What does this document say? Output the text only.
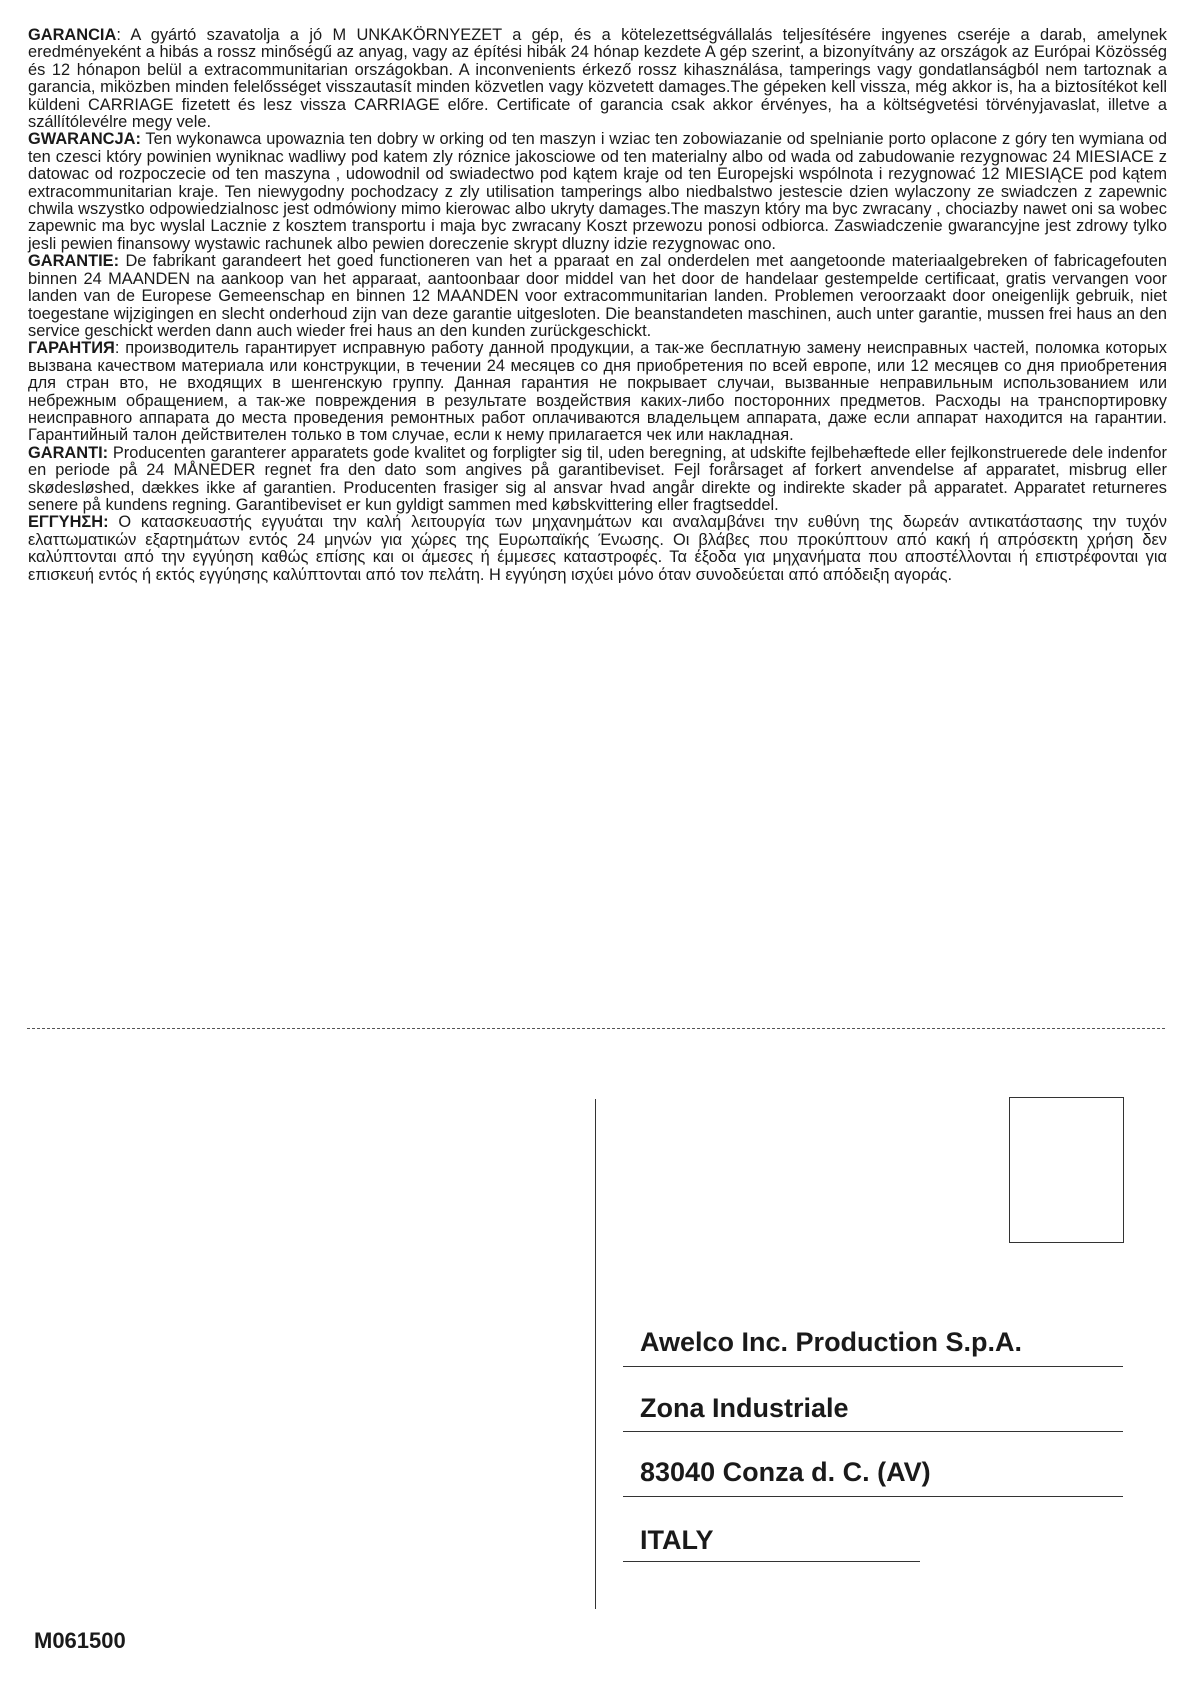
GARANCIA: A gyártó szavatolja a jó M UNKAKÖRNYEZET a gép, és a kötelezettségvállalás teljesítésére ingyenes cseréje a darab, amelynek eredményeként a hibás a rossz minőségű az anyag, vagy az építési hibák 24 hónap kezdete A gép szerint, a bizonyítvány az országok az Európai Közösség és 12 hónapon belül a extracommunitarian országokban. A inconvenients érkező rossz kihasználása, tamperings vagy gondatlanságból nem tartoznak a garancia, miközben minden felelősséget visszautasít minden közvetlen vagy közvetett damages.The gépeken kell vissza, még akkor is, ha a biztosítékot kell küldeni CARRIAGE fizetett és lesz vissza CARRIAGE előre. Certificate of garancia csak akkor érvényes, ha a költségvetési törvényjavaslat, illetve a szállítólevélre megy vele.

GWARANCJA: Ten wykonawca upowaznia ten dobry w orking od ten maszyn i wziac ten zobowiazanie od spelnianie porto oplacone z góry ten wymiana od ten czesci który powinien wyniknac wadliwy pod katem zly róznice jakosciowe od ten materialny albo od wada od zabudowanie rezygnowac 24 MIESIACE z datowac od rozpoczecie od ten maszyna , udowodnil od swiadectwo pod kątem kraje od ten Europejski wspólnota i rezygnować 12 MIESIĄCE pod kątem extracommunitarian kraje. Ten niewygodny pochodzacy z zly utilisation tamperings albo niedbalstwo jestescie dzien wylaczony ze swiadczen z zapewnic chwila wszystko odpowiedzialnosc jest odmówiony mimo kierowac albo ukryty damages.The maszyn który ma byc zwracany , chociazby nawet oni sa wobec zapewnic ma byc wyslal Lacznie z kosztem transportu i maja byc zwracany Koszt przewozu ponosi odbiorca. Zaswiadczenie gwarancyjne jest zdrowy tylko jesli pewien finansowy wystawic rachunek albo pewien doreczenie skrypt dluzny idzie rezygnowac ono.

GARANTIE: De fabrikant garandeert het goed functioneren van het a pparaat en zal onderdelen met aangetoonde materiaalgebreken of fabricagefouten binnen 24 MAANDEN na aankoop van het apparaat, aantoonbaar door middel van het door de handelaar gestempelde certificaat, gratis vervangen voor landen van de Europese Gemeenschap en binnen 12 MAANDEN voor extracommunitarian landen. Problemen veroorzaakt door oneigenlijk gebruik, niet toegestane wijzigingen en slecht onderhoud zijn van deze garantie uitgesloten. Die beanstandeten maschinen, auch unter garantie, mussen frei haus an den service geschickt werden dann auch wieder frei haus an den kunden zurückgeschickt.

ГАРАНТИЯ: производитель гарантирует исправную работу данной продукции, а так-же бесплатную замену неисправных частей, поломка которых вызвана качеством материала или конструкции, в течении 24 месяцев со дня приобретения по всей европе, или 12 месяцев со дня приобретения для стран вто, не входящих в шенгенскую группу. Данная гарантия не покрывает случаи, вызванные неправильным использованием или небрежным обращением, а так-же повреждения в результате воздействия каких-либо посторонних предметов. Расходы на транспортировку неисправного аппарата до места проведения ремонтных работ оплачиваются владельцем аппарата, даже если аппарат находится на гарантии. Гарантийный талон действителен только в том случае, если к нему прилагается чек или накладная.

GARANTI: Producenten garanterer apparatets gode kvalitet og forpligter sig til, uden beregning, at udskifte fejlbehæftede eller fejlkonstruerede dele indenfor en periode på 24 MÅNEDER regnet fra den dato som angives på garantibeviset. Fejl forårsaget af forkert anvendelse af apparatet, misbrug eller skødesløshed, dækkes ikke af garantien. Producenten frasiger sig al ansvar hvad angår direkte og indirekte skader på apparatet. Apparatet returneres senere på kundens regning. Garantibeviset er kun gyldigt sammen med købskvittering eller fragtseddel.

ΕΓΓΥΗΣΗ: Ο κατασκευαστής εγγυάται την καλή λειτουργία των μηχανημάτων και αναλαμβάνει την ευθύνη της δωρεάν αντικατάστασης την τυχόν ελαττωματικών εξαρτημάτων εντός 24 μηνών για χώρες της Ευρωπαϊκής Ένωσης. Οι βλάβες που προκύπτουν από κακή ή απρόσεκτη χρήση δεν καλύπτονται από την εγγύηση καθώς επίσης και οι άμεσες ή έμμεσες καταστροφές. Τα έξοδα για μηχανήματα που αποστέλλονται ή επιστρέφονται για επισκευή εντός ή εκτός εγγύησης καλύπτονται από τον πελάτη. Η εγγύηση ισχύει μόνο όταν συνοδεύεται από απόδειξη αγοράς.

Awelco Inc. Production S.p.A.
Zona Industriale
83040 Conza d. C. (AV)
ITALY
M061500
